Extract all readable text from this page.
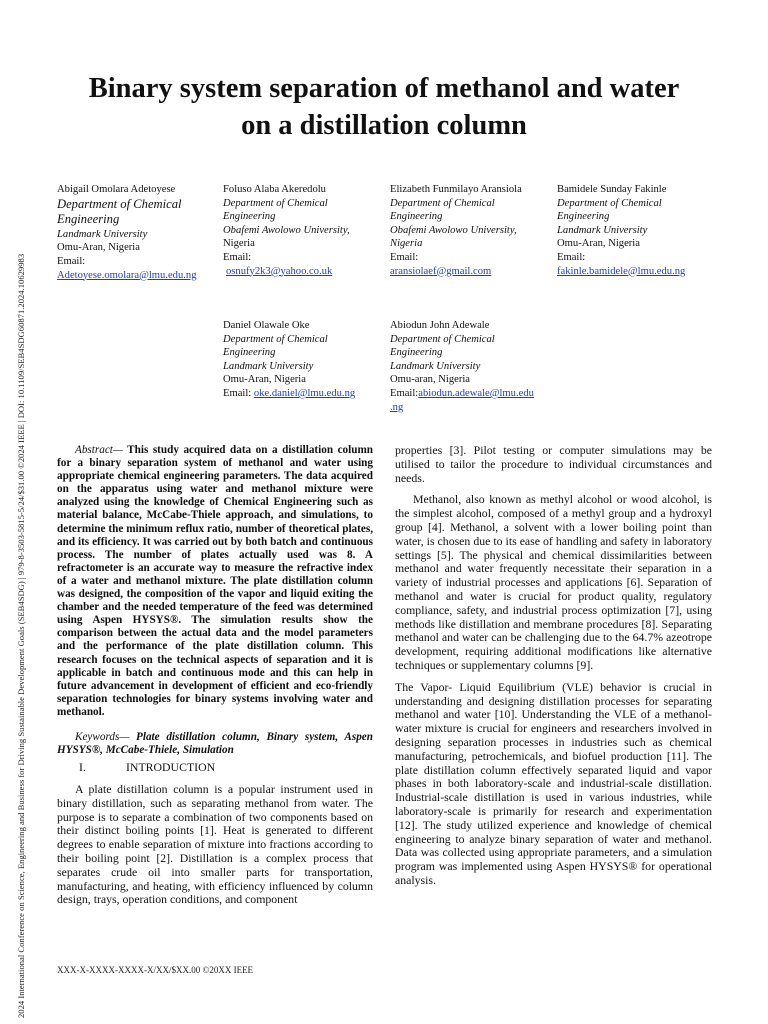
2024 International Conference on Science, Engineering and Business for Driving Sustainable Development Goals (SEB4SDG) | 979-8-3503-5815-5/24/$31.00 ©2024 IEEE | DOI: 10.1109/SEB4SDG60871.2024.10629983
Binary system separation of methanol and water
on a distillation column
Abigail Omolara Adetoyese
Department of Chemical Engineering
Landmark University
Omu-Aran, Nigeria
Email:
Adetoyese.omolara@lmu.edu.ng
Foluso Alaba Akeredolu
Department of Chemical
Engineering
Obafemi Awolowo University,
Nigeria
Email:
osnufy2k3@yahoo.co.uk
Elizabeth Funmilayo Aransiola
Department of Chemical
Engineering
Obafemi Awolowo University,
Nigeria
Email:
aransiolaef@gmail.com
Bamidele Sunday Fakinle
Department of Chemical
Engineering
Landmark University
Omu-Aran, Nigeria
Email:
fakinle.bamidele@lmu.edu.ng
Daniel Olawale Oke
Department of Chemical
Engineering
Landmark University
Omu-Aran, Nigeria
Email: oke.daniel@lmu.edu.ng
Abiodun John Adewale
Department of Chemical
Engineering
Landmark University
Omu-aran, Nigeria
Email:abiodun.adewale@lmu.edu
.ng

Abstract— This study acquired data on a distillation column for a binary separation system of methanol and water using appropriate chemical engineering parameters. The data acquired on the apparatus using water and methanol mixture were analyzed using the knowledge of Chemical Engineering such as material balance, McCabe-Thiele approach, and simulations, to determine the minimum reflux ratio, number of theoretical plates, and its efficiency. It was carried out by both batch and continuous process. The number of plates actually used was 8. A refractometer is an accurate way to measure the refractive index of a water and methanol mixture. The plate distillation column was designed, the composition of the vapor and liquid exiting the chamber and the needed temperature of the feed was determined using Aspen HYSYS®. The simulation results show the comparison between the actual data and the model parameters and the performance of the plate distillation column. This research focuses on the technical aspects of separation and it is applicable in batch and continuous mode and this can help in future advancement in development of efficient and eco-friendly separation technologies for binary systems involving water and methanol.

Keywords— Plate distillation column, Binary system, Aspen HYSYS®, McCabe-Thiele, Simulation

I.	INTRODUCTION

A plate distillation column is a popular instrument used in binary distillation, such as separating methanol from water. The purpose is to separate a combination of two components based on their distinct boiling points [1]. Heat is generated to different degrees to enable separation of mixture into fractions according to their boiling point [2]. Distillation is a complex process that separates crude oil into smaller parts for transportation, manufacturing, and heating, with efficiency influenced by column design, trays, operation conditions, and component

properties [3]. Pilot testing or computer simulations may be utilised to tailor the procedure to individual circumstances and needs.

Methanol, also known as methyl alcohol or wood alcohol, is the simplest alcohol, composed of a methyl group and a hydroxyl group [4]. Methanol, a solvent with a lower boiling point than water, is chosen due to its ease of handling and safety in laboratory settings [5]. The physical and chemical dissimilarities between methanol and water frequently necessitate their separation in a variety of industrial processes and applications [6]. Separation of methanol and water is crucial for product quality, regulatory compliance, safety, and industrial process optimization [7], using methods like distillation and membrane procedures [8]. Separating methanol and water can be challenging due to the 64.7% azeotrope development, requiring additional modifications like alternative techniques or supplementary columns [9].

The Vapor- Liquid Equilibrium (VLE) behavior is crucial in understanding and designing distillation processes for separating methanol and water [10]. Understanding the VLE of a methanol-water mixture is crucial for engineers and researchers involved in designing separation processes in industries such as chemical manufacturing, petrochemicals, and biofuel production [11]. The plate distillation column effectively separated liquid and vapor phases in both laboratory-scale and industrial-scale distillation. Industrial-scale distillation is used in various industries, while laboratory-scale is primarily for research and experimentation [12]. The study utilized experience and knowledge of chemical engineering to analyze binary separation of water and methanol. Data was collected using appropriate parameters, and a simulation program was implemented using Aspen HYSYS® for operational analysis.

XXX-X-XXXX-XXXX-X/XX/$XX.00 ©20XX IEEE
